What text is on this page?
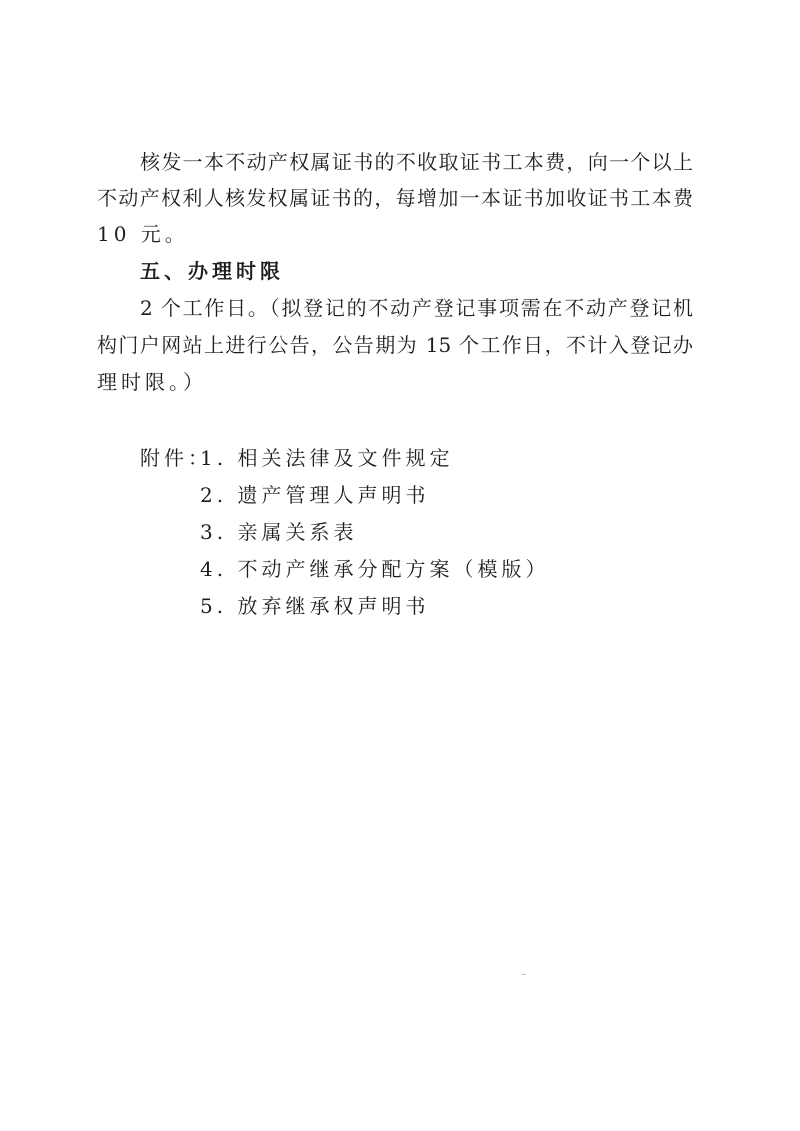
核发一本不动产权属证书的不收取证书工本费，向一个以上
不动产权利人核发权属证书的，每增加一本证书加收证书工本费
10 元。
五、办理时限
2 个工作日。（拟登记的不动产登记事项需在不动产登记机
构门户网站上进行公告，公告期为 15 个工作日，不计入登记办
理时限。）
附件：
1. 相关法律及文件规定
2. 遗产管理人声明书
3. 亲属关系表
4. 不动产继承分配方案（模版）
5. 放弃继承权声明书
